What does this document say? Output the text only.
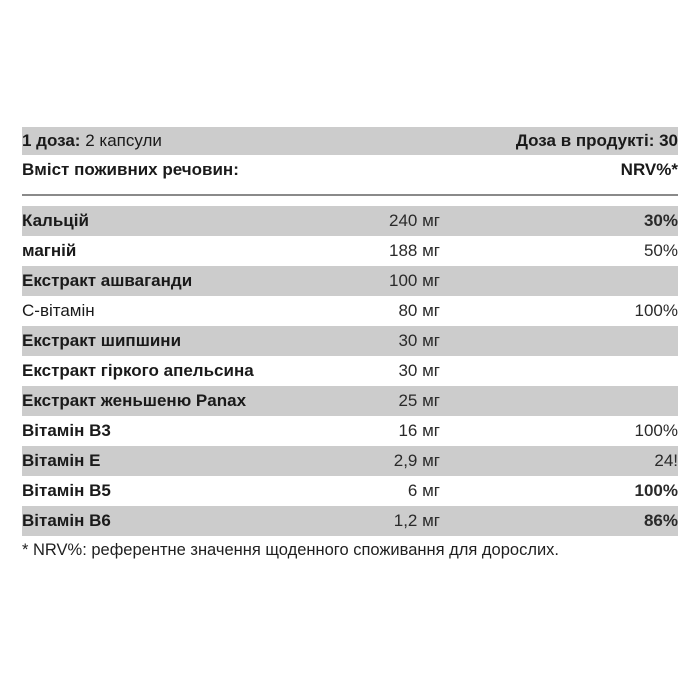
1 доза: 2 капсули	Доза в продукті: 30
Вміст поживних речовин:	NRV%*
Кальцій	240 мг	30%
магній	188 мг	50%
Екстракт ашваганди	100 мг
С-вітамін	80 мг	100%
Екстракт шипшини	30 мг
Екстракт гіркого апельсина	30 мг
Екстракт женьшеню Panax	25 мг
Вітамін В3	16 мг	100%
Вітамін Е	2,9 мг	24!
Вітамін В5	6 мг	100%
Вітамін В6	1,2 мг	86%
* NRV%: референтне значення щоденного споживання для дорослих.
